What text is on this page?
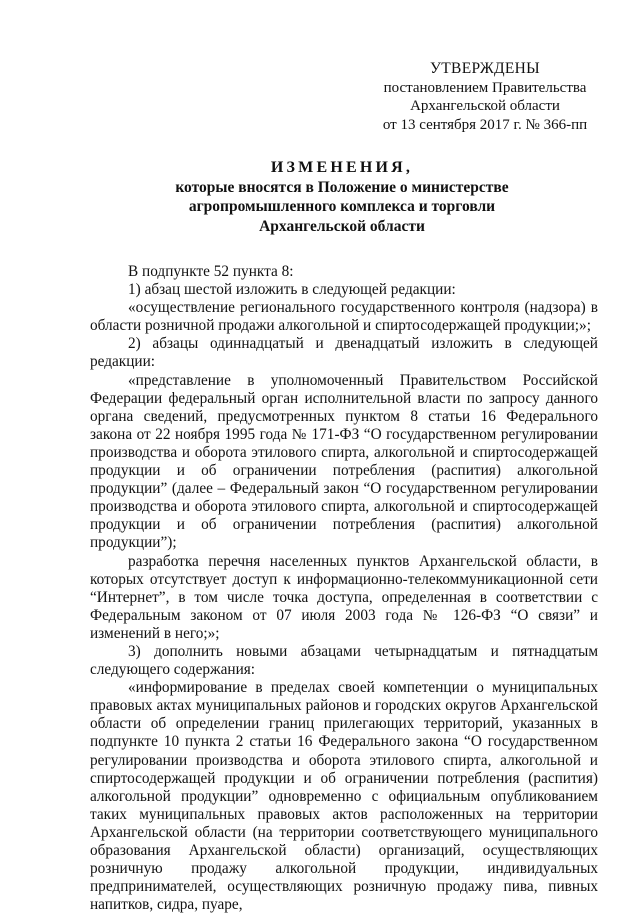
УТВЕРЖДЕНЫ
постановлением Правительства
Архангельской области
от 13 сентября 2017 г. № 366-пп
ИЗМЕНЕНИЯ,
которые вносятся в Положение о министерстве
агропромышленного комплекса и торговли
Архангельской области

В подпункте 52 пункта 8:

1) абзац шестой изложить в следующей редакции:

«осуществление регионального государственного контроля (надзора) в области розничной продажи алкогольной и спиртосодержащей продукции;»;

2) абзацы одиннадцатый и двенадцатый изложить в следующей редакции:

«представление в уполномоченный Правительством Российской Федерации федеральный орган исполнительной власти по запросу данного органа сведений, предусмотренных пунктом 8 статьи 16 Федерального закона от 22 ноября 1995 года № 171-ФЗ “О государственном регулировании производства и оборота этилового спирта, алкогольной и спиртосодержащей продукции и об ограничении потребления (распития) алкогольной продукции” (далее – Федеральный закон “О государственном регулировании производства и оборота этилового спирта, алкогольной и спиртосодержащей продукции и об ограничении потребления (распития) алкогольной продукции”);

разработка перечня населенных пунктов Архангельской области, в которых отсутствует доступ к информационно-телекоммуникационной сети “Интернет”, в том числе точка доступа, определенная в соответствии с Федеральным законом от 07 июля 2003 года № 126-ФЗ “О связи” и изменений в него;»;

3) дополнить новыми абзацами четырнадцатым и пятнадцатым следующего содержания:

«информирование в пределах своей компетенции о муниципальных правовых актах муниципальных районов и городских округов Архангельской области об определении границ прилегающих территорий, указанных в подпункте 10 пункта 2 статьи 16 Федерального закона “О государственном регулировании производства и оборота этилового спирта, алкогольной и спиртосодержащей продукции и об ограничении потребления (распития) алкогольной продукции” одновременно с официальным опубликованием таких муниципальных правовых актов расположенных на территории Архангельской области (на территории соответствующего муниципального образования Архангельской области) организаций, осуществляющих розничную продажу алкогольной продукции, индивидуальных предпринимателей, осуществляющих розничную продажу пива, пивных напитков, сидра, пуаре,
